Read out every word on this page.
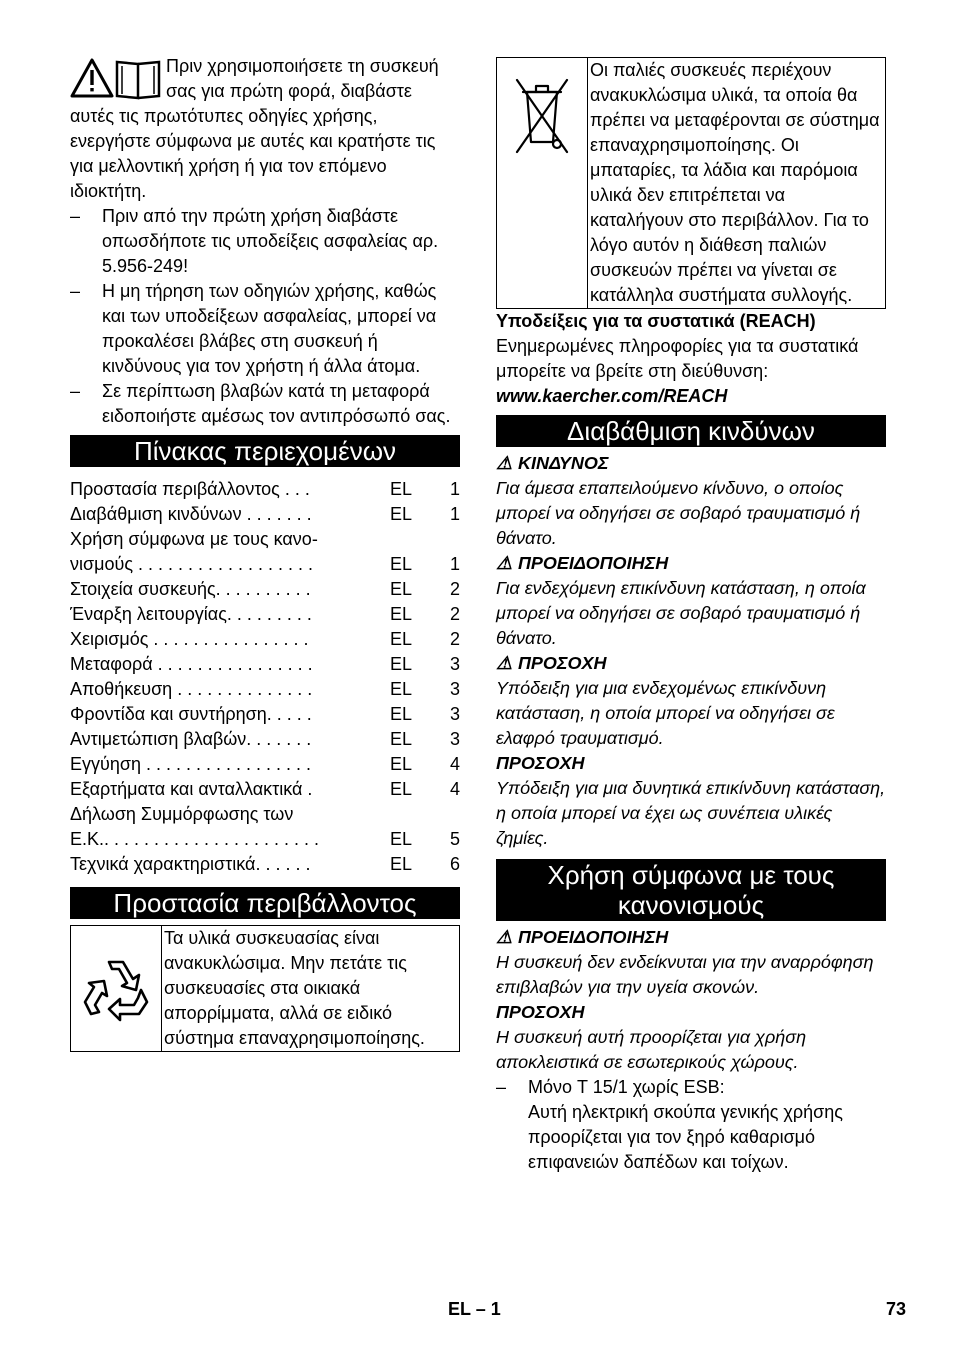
Πριν χρησιμοποιήσετε τη συσκευή σας για πρώτη φορά, διαβάστε αυτές τις πρωτότυπες οδηγίες χρήσης, ενεργήστε σύμφωνα με αυτές και κρατήστε τις για μελλοντική χρήση ή για τον επόμενο ιδιοκτήτη.

– Πριν από την πρώτη χρήση διαβάστε οπωσδήποτε τις υποδείξεις ασφαλείας αρ. 5.956-249!

– Η μη τήρηση των οδηγιών χρήσης, καθώς και των υποδείξεων ασφαλείας, μπορεί να προκαλέσει βλάβες στη συσκευή ή κινδύνους για τον χρήστη ή άλλα άτομα.

– Σε περίπτωση βλαβών κατά τη μεταφορά ειδοποιήστε αμέσως τον αντιπρόσωπό σας.

Πίνακας περιεχομένων
Προστασία περιβάλλοντος . . .	EL	1
Διαβάθμιση κινδύνων . . . . . . .	EL	1
Χρήση σύμφωνα με τους κανο-
νισμούς . . . . . . . . . . . . . . . . . .	EL	1
Στοιχεία συσκευής. . . . . . . . . .	EL	2
Έναρξη λειτουργίας. . . . . . . . .	EL	2
Χειρισμός . . . . . . . . . . . . . . . .	EL	2
Μεταφορά . . . . . . . . . . . . . . . .	EL	3
Αποθήκευση . . . . . . . . . . . . . .	EL	3
Φροντίδα και συντήρηση. . . . .	EL	3
Αντιμετώπιση βλαβών. . . . . . .	EL	3
Εγγύηση . . . . . . . . . . . . . . . . .	EL	4
Εξαρτήματα και ανταλλακτικά .	EL	4
Δήλωση Συμμόρφωσης των
Ε.Κ.. . . . . . . . . . . . . . . . . . . . . .	EL	5
Τεχνικά χαρακτηριστικά. . . . . .	EL	6
Προστασία περιβάλλοντος
Τα υλικά συσκευασίας είναι ανακυκλώσιμα. Μην πετάτε τις συσκευασίες στα οικιακά απορρίμματα, αλλά σε ειδικό σύστημα επαναχρησιμοποίησης.
Οι παλιές συσκευές περιέχουν ανακυκλώσιμα υλικά, τα οποία θα πρέπει να μεταφέρονται σε σύστημα επαναχρησιμοποίησης. Οι μπαταρίες, τα λάδια και παρόμοια υλικά δεν επιτρέπεται να καταλήγουν στο περιβάλλον. Για το λόγο αυτόν η διάθεση παλιών συσκευών πρέπει να γίνεται σε κατάλληλα συστήματα συλλογής.

Υποδείξεις για τα συστατικά (REACH)

Ενημερωμένες πληροφορίες για τα συστατικά μπορείτε να βρείτε στη διεύθυνση:

www.kaercher.com/REACH

Διαβάθμιση κινδύνων

⚠ ΚΙΝΔΥΝΟΣ

Για άμεσα επαπειλούμενο κίνδυνο, ο οποίος μπορεί να οδηγήσει σε σοβαρό τραυματισμό ή θάνατο.

⚠ ΠΡΟΕΙΔΟΠΟΙΗΣΗ

Για ενδεχόμενη επικίνδυνη κατάσταση, η οποία μπορεί να οδηγήσει σε σοβαρό τραυματισμό ή θάνατο.

⚠ ΠΡΟΣΟΧΗ

Υπόδειξη για μια ενδεχομένως επικίνδυνη κατάσταση, η οποία μπορεί να οδηγήσει σε ελαφρό τραυματισμό.

ΠΡΟΣΟΧΗ

Υπόδειξη για μια δυνητικά επικίνδυνη κατάσταση, η οποία μπορεί να έχει ως συνέπεια υλικές ζημίες.

Χρήση σύμφωνα με τους κανονισμούς

⚠ ΠΡΟΕΙΔΟΠΟΙΗΣΗ

Η συσκευή δεν ενδείκνυται για την αναρρόφηση επιβλαβών για την υγεία σκονών.

ΠΡΟΣΟΧΗ

Η συσκευή αυτή προορίζεται για χρήση αποκλειστικά σε εσωτερικούς χώρους.

– Μόνο T 15/1 χωρίς ESB:

Αυτή ηλεκτρική σκούπα γενικής χρήσης προορίζεται για τον ξηρό καθαρισμό επιφανειών δαπέδων και τοίχων.

EL – 1	73
